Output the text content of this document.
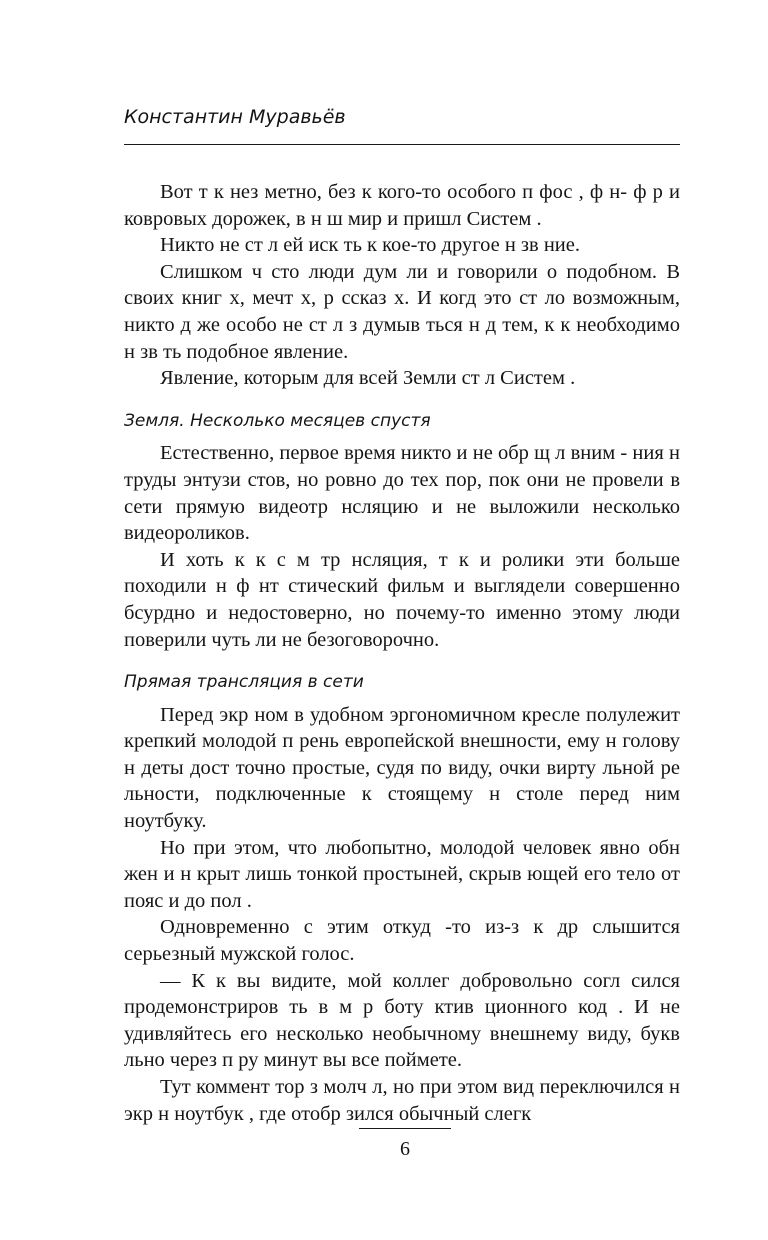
Константин Муравьёв

Вот т к нез метно, без к кого-то особого п фос , ф н- ф р и ковровых дорожек, в н ш мир и пришл Систем .

Никто не ст л ей иск ть к кое-то другое н зв ние.

Слишком ч сто люди дум ли и говорили о подобном. В своих книг х, мечт х, р ссказ х. И когд это ст ло возможным, никто д же особо не ст л з думыв ться н д тем, к к необходимо н зв ть подобное явление.

Явление, которым для всей Земли ст л Систем .

Земля. Несколько месяцев спустя

Естественно, первое время никто и не обр щ л вним - ния н труды энтузи стов, но ровно до тех пор, пок они не провели в сети прямую видеотр нсляцию и не выложили несколько видеороликов.

И хоть к к с м тр нсляция, т к и ролики эти больше походили н ф нт стический фильм и выглядели совершенно бсурдно и недостоверно, но почему-то именно этому люди поверили чуть ли не безоговорочно.

Прямая трансляция в сети

Перед экр ном в удобном эргономичном кресле полулежит крепкий молодой п рень европейской внешности, ему н голову н деты дост точно простые, судя по виду, очки вирту льной ре льности, подключенные к стоящему н столе перед ним ноутбуку.

Но при этом, что любопытно, молодой человек явно обн жен и н крыт лишь тонкой простыней, скрыв ющей его тело от пояс и до пол .

Одновременно с этим откуд -то из-з к др слышится серьезный мужской голос.

— К к вы видите, мой коллег добровольно согл сился продемонстриров ть в м р боту ктив ционного код . И не удивляйтесь его несколько необычному внешнему виду, букв льно через п ру минут вы все поймете.

Тут коммент тор з молч л, но при этом вид переключился н экр н ноутбук , где отобр зился обычный слегк

6
